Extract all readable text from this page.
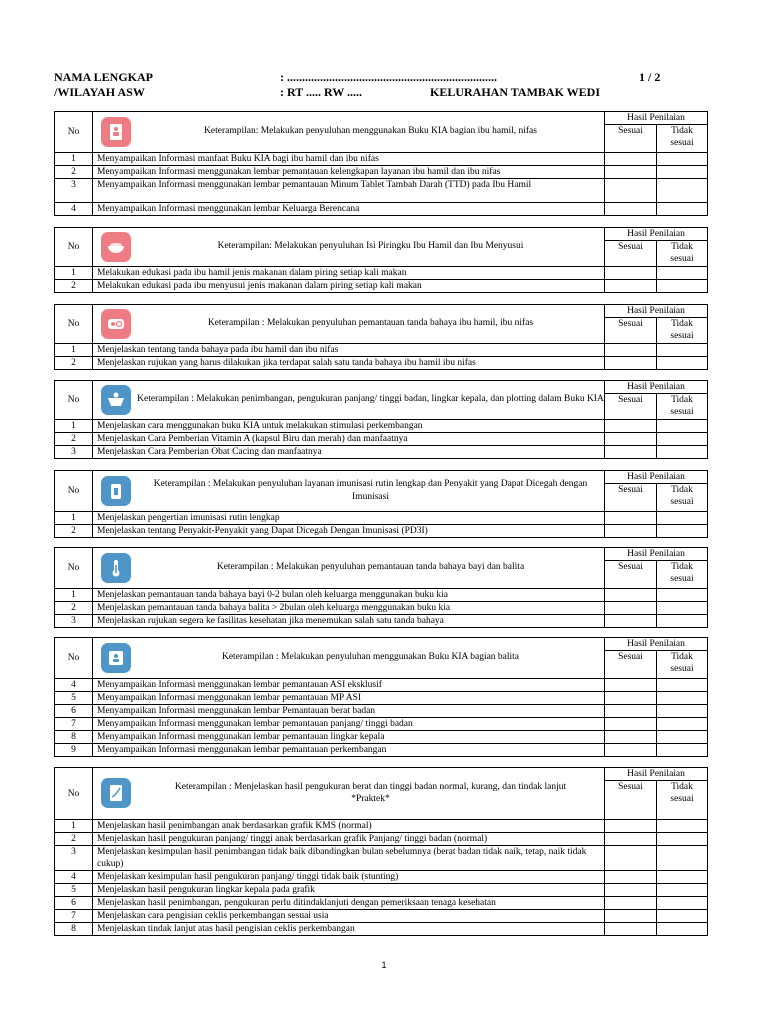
NAMA LENGKAP
/WILAYAH ASW
: ......................................................................
: RT ..... RW .....	KELURAHAN TAMBAK WEDI
1 / 2
No	Keterampilan: Melakukan penyuluhan menggunakan Buku KIA bagian ibu hamil, nifas	Hasil Penilaian	
		Sesuai	Tidak
sesuai
1	Menyampaikan Informasi manfaat Buku KIA bagi ibu hamil dan ibu nifas		
2	Menyampaikan Informasi menggunakan lembar pemantauan kelengkapan layanan ibu hamil dan ibu nifas		
3	Menyampaikan Informasi menggunakan lembar pemantauan Minum Tablet Tambah Darah (TTD) pada Ibu Hamil		
4	Menyampaikan Informasi menggunakan lembar Keluarga Berencana		
No	Keterampilan: Melakukan penyuluhan Isi Piringku Ibu Hamil dan Ibu Menyusui	Hasil Penilaian	
		Sesuai	Tidak
sesuai
1	Melakukan edukasi pada ibu hamil jenis makanan dalam piring setiap kali makan		
2	Melakukan edukasi pada ibu menyusui jenis makanan dalam piring setiap kali makan		
No	Keterampilan : Melakukan penyuluhan pemantauan tanda bahaya ibu hamil, ibu nifas	Hasil Penilaian	
		Sesuai	Tidak
sesuai
1	Menjelaskan tentang tanda bahaya pada ibu hamil dan ibu nifas		
2	Menjelaskan rujukan yang harus dilakukan jika terdapat salah satu tanda bahaya ibu hamil ibu nifas		
No	Keterampilan : Melakukan penimbangan, pengukuran panjang/ tinggi badan, lingkar kepala, dan plotting dalam Buku KIA	Hasil Penilaian	
		Sesuai	Tidak
sesuai
1	Menjelaskan cara menggunakan buku KIA untuk melakukan stimulasi perkembangan		
2	Menjelaskan Cara Pemberian Vitamin A (kapsul Biru dan merah) dan manfaatnya		
3	Menjelaskan Cara Pemberian Obat Cacing dan manfaatnya		
No	Keterampilan : Melakukan penyuluhan layanan imunisasi rutin lengkap dan Penyakit yang Dapat Dicegah dengan Imunisasi	Hasil Penilaian	
		Sesuai	Tidak
sesuai
1	Menjelaskan pengertian imunisasi rutin lengkap		
2	Menjelaskan tentang Penyakit-Penyakit yang Dapat Dicegah Dengan Imunisasi (PD3I)		
No	Keterampilan : Melakukan penyuluhan pemantauan tanda bahaya bayi dan balita	Hasil Penilaian	
		Sesuai	Tidak
sesuai
1	Menjelaskan pemantauan tanda bahaya bayi 0-2 bulan oleh keluarga menggunakan buku kia		
2	Menjelaskan pemantauan tanda bahaya balita > 2bulan oleh keluarga menggunakan buku kia		
3	Menjelaskan rujukan segera ke fasilitas kesehatan jika menemukan salah satu tanda bahaya		
No	Keterampilan : Melakukan penyuluhan menggunakan Buku KIA bagian balita	Hasil Penilaian	
		Sesuai	Tidak
sesuai
4	Menyampaikan Informasi menggunakan lembar pemantauan ASI eksklusif		
5	Menyampaikan Informasi menggunakan lembar pemantauan MP ASI		
6	Menyampaikan Informasi menggunakan lembar Pemantauan berat badan		
7	Menyampaikan Informasi menggunakan lembar pemantauan panjang/ tinggi badan		
8	Menyampaikan Informasi menggunakan lembar pemantauan lingkar kepala		
9	Menyampaikan Informasi menggunakan lembar pemantauan perkembangan		
No	Keterampilan : Menjelaskan hasil pengukuran berat dan tinggi badan normal, kurang, dan tindak lanjut
*Praktek*	Hasil Penilaian	
		Sesuai	Tidak
sesuai
1	Menjelaskan hasil penimbangan anak berdasarkan grafik KMS (normal)		
2	Menjelaskan hasil pengukuran panjang/ tinggi anak berdasarkan grafik Panjang/ tinggi badan (normal)		
3	Menjelaskan kesimpulan hasil penimbangan tidak baik dibandingkan bulan sebelumnya (berat badan tidak naik, tetap, naik tidak cukup)		
4	Menjelaskan kesimpulan hasil pengukuran panjang/ tinggi tidak baik (stunting)		
5	Menjelaskan hasil pengukuran lingkar kepala pada grafik		
6	Menjelaskan hasil penimbangan, pengukuran perlu ditindaklanjuti dengan pemeriksaan tenaga kesehatan		
7	Menjelaskan cara pengisian ceklis perkembangan sesuai usia		
8	Menjelaskan tindak lanjut atas hasil pengisian ceklis perkembangan		
1
